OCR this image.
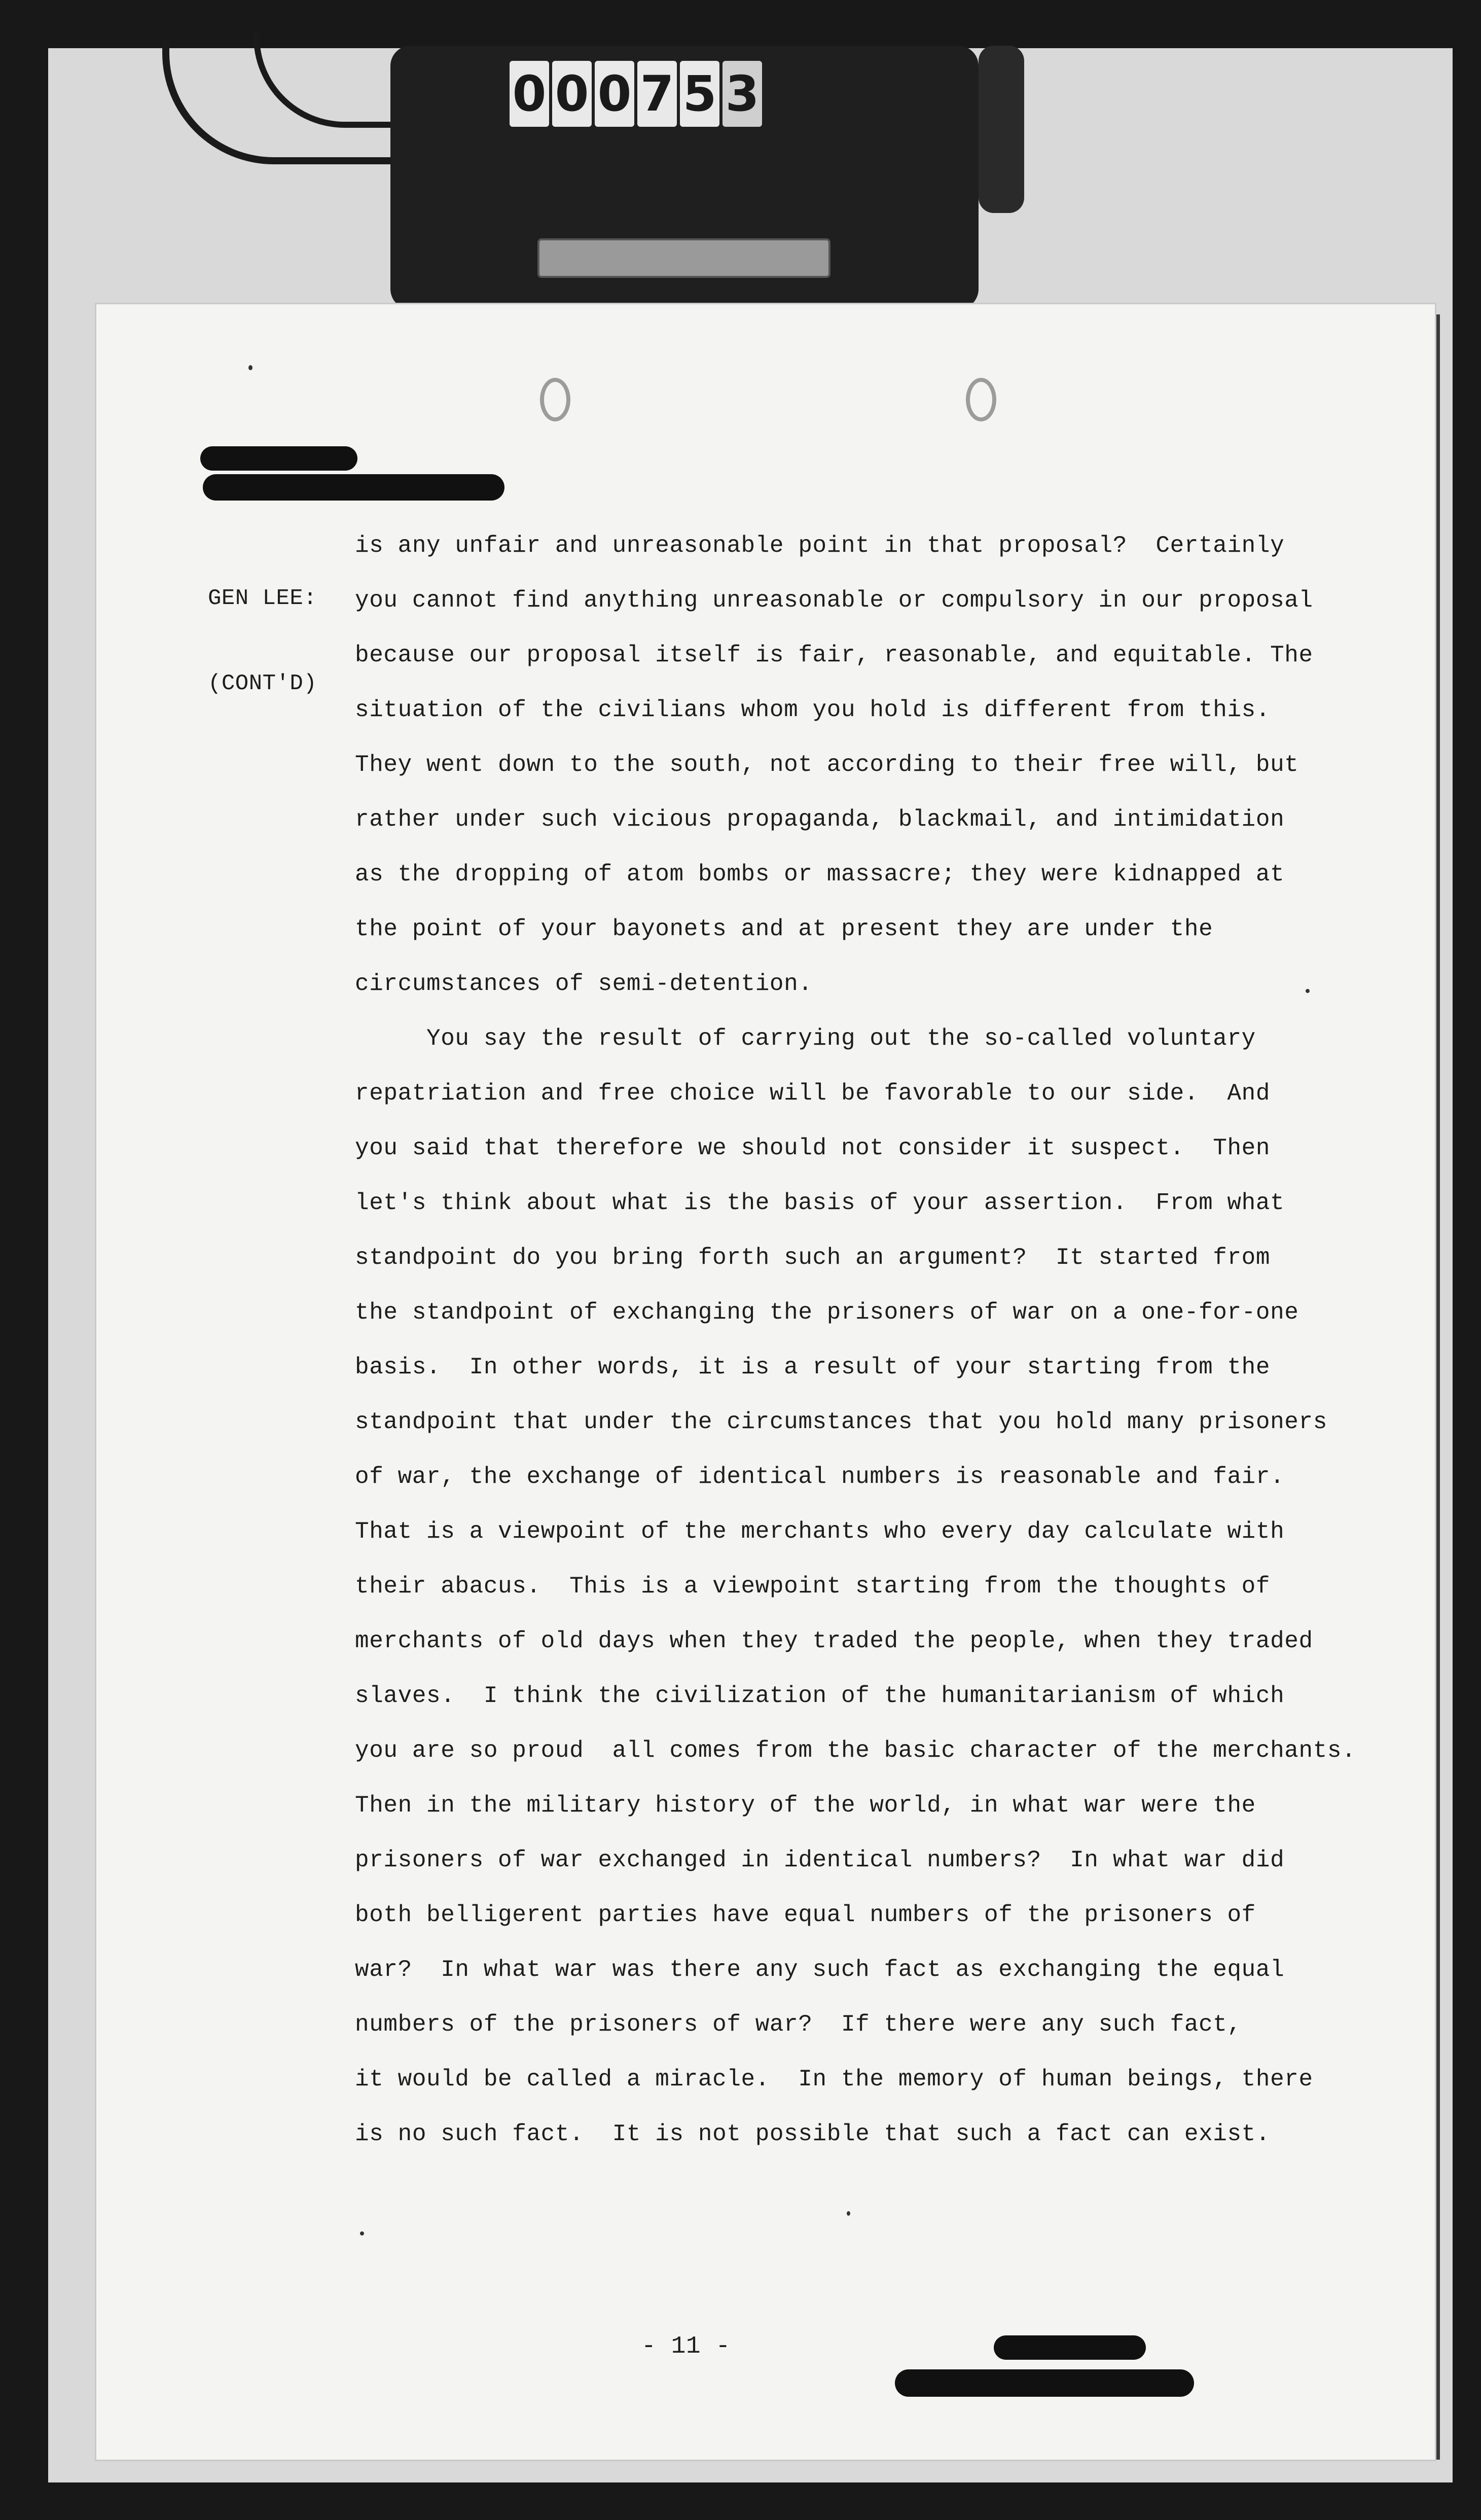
0 0 0 7 5 3

GEN LEE:

(CONT'D)

is any unfair and unreasonable point in that proposal?  Certainly
you cannot find anything unreasonable or compulsory in our proposal
because our proposal itself is fair, reasonable, and equitable. The
situation of the civilians whom you hold is different from this.
They went down to the south, not according to their free will, but
rather under such vicious propaganda, blackmail, and intimidation
as the dropping of atom bombs or massacre; they were kidnapped at
the point of your bayonets and at present they are under the
circumstances of semi-detention.
You say the result of carrying out the so-called voluntary
repatriation and free choice will be favorable to our side.  And
you said that therefore we should not consider it suspect.  Then
let's think about what is the basis of your assertion.  From what
standpoint do you bring forth such an argument?  It started from
the standpoint of exchanging the prisoners of war on a one-for-one
basis.  In other words, it is a result of your starting from the
standpoint that under the circumstances that you hold many prisoners
of war, the exchange of identical numbers is reasonable and fair.
That is a viewpoint of the merchants who every day calculate with
their abacus.  This is a viewpoint starting from the thoughts of
merchants of old days when they traded the people, when they traded
slaves.  I think the civilization of the humanitarianism of which
you are so proud  all comes from the basic character of the merchants.
Then in the military history of the world, in what war were the
prisoners of war exchanged in identical numbers?  In what war did
both belligerent parties have equal numbers of the prisoners of
war?  In what war was there any such fact as exchanging the equal
numbers of the prisoners of war?  If there were any such fact,
it would be called a miracle.  In the memory of human beings, there
is no such fact.  It is not possible that such a fact can exist.
- 11 -
